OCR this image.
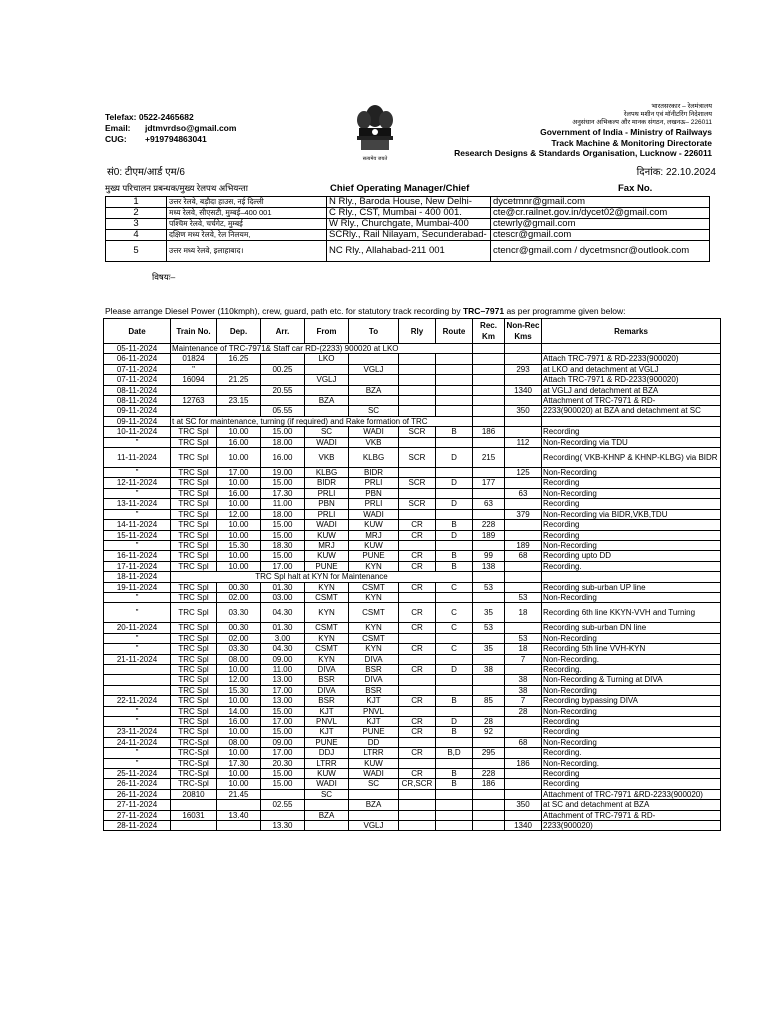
Telefax: 0522-2465682
Email: jdtmvrdso@gmail.com
CUG: +919794863041
सत्यमेव जयते
भारतसरकार – रेलमंत्रालय
रेलपथ मशीन एवं मॉनीटरिंग निदेशालय
अनुसंधान अभिकल्प और मानक संगठन, लखनऊ– 226011
Government of India - Ministry of Railways
Track Machine & Monitoring Directorate
Research Designs & Standards Organisation, Lucknow - 226011
सं0: टीएम/आर्ड एम/6	दिनांक: 22.10.2024
मुख्य परिचालन प्रबन्धक/मुख्य रेलपथ अभियन्ता	Chief Operating Manager/Chief	Fax No.
1	उत्तर रेलवे, बड़ौदा हाउस, नई दिल्ली	N Rly., Baroda House, New Delhi-	dycetmnr@gmail.com
2	मध्य रेलवे, सीएसटी, मुम्बई–400 001	C Rly., CST, Mumbai - 400 001.	cte@cr.railnet.gov.in/dycet02@gmail.com
3	पश्चिम रेलवे, चर्चगेट, मुम्बई	W Rly., Churchgate, Mumbai-400	ctewrly@gmail.com
4	दक्षिण मध्य रेलवे, रेल निलयम,	SCRly., Rail Nilayam, Secunderabad-	ctescr@gmail.com
5	उत्तर मध्य रेलवे, इलाहाबाद।	NC Rly., Allahabad-211 001	ctencr@gmail.com / dycetmsncr@outlook.com
विषयः–
Please arrange Diesel Power (110kmph), crew, guard, path etc. for statutory track recording by TRC–7971 as per programme given below:
Date	Train No.	Dep.	Arr.	From	To	Rly	Route	Rec. Km	Non-Rec Kms	Remarks
05-11-2024	Maintenance of TRC-7971& Staff car RD-(2233) 900020 at LKO									
06-11-2024	01824	16.25		LKO						Attach TRC-7971 & RD-2233(900020)
07-11-2024	"		00.25		VGLJ				293	at LKO and detachment at VGLJ
07-11-2024	16094	21.25		VGLJ						Attach TRC-7971 & RD-2233(900020)
08-11-2024			20.55		BZA				1340	at VGLJ and detachment at BZA
08-11-2024	12763	23.15		BZA						Attachment of TRC-7971 & RD-
09-11-2024			05.55		SC				350	2233(900020) at BZA and detachment at SC
09-11-2024	t at SC for maintenance, turning (if required) and Rake formation of TRC									
10-11-2024	TRC Spl	10.00	15.00	SC	WADI	SCR	B	186		Recording
"	TRC Spl	16.00	18.00	WADI	VKB				112	Non-Recording via TDU
11-11-2024	TRC Spl	10.00	16.00	VKB	KLBG	SCR	D	215		Recording( VKB-KHNP & KHNP-KLBG) via BIDR
"	TRC Spl	17.00	19.00	KLBG	BIDR				125	Non-Recording
12-11-2024	TRC Spl	10.00	15.00	BIDR	PRLI	SCR	D	177		Recording
"	TRC Spl	16.00	17.30	PRLI	PBN				63	Non-Recording
13-11-2024	TRC Spl	10.00	11.00	PBN	PRLI	SCR	D	63		Recording
"	TRC Spl	12.00	18.00	PRLI	WADI				379	Non-Recording via BIDR,VKB,TDU
14-11-2024	TRC Spl	10.00	15.00	WADI	KUW	CR	B	228		Recording
15-11-2024	TRC Spl	10.00	15.00	KUW	MRJ	CR	D	189		Recording
"	TRC Spl	15.30	18.30	MRJ	KUW				189	Non-Recording
16-11-2024	TRC Spl	10.00	15.00	KUW	PUNE	CR	B	99	68	Recording upto DD
17-11-2024	TRC Spl	10.00	17.00	PUNE	KYN	CR	B	138		Recording.
18-11-2024	TRC Spl halt at KYN for Maintenance									
19-11-2024	TRC Spl	00.30	01.30	KYN	CSMT	CR	C	53		Recording sub-urban UP line
"	TRC Spl	02.00	03.00	CSMT	KYN				53	Non-Recording
"	TRC Spl	03.30	04.30	KYN	CSMT	CR	C	35	18	Recording 6th line KKYN-VVH and Turning
20-11-2024	TRC Spl	00.30	01.30	CSMT	KYN	CR	C	53		Recording sub-urban DN line
"	TRC Spl	02.00	3.00	KYN	CSMT				53	Non-Recording
"	TRC Spl	03.30	04.30	CSMT	KYN	CR	C	35	18	Recording 5th line VVH-KYN
21-11-2024	TRC Spl	08.00	09.00	KYN	DIVA				7	Non-Recording.
	TRC Spl	10.00	11.00	DIVA	BSR	CR	D	38		Recording.
	TRC Spl	12.00	13.00	BSR	DIVA				38	Non-Recording & Turning at DIVA
	TRC Spl	15.30	17.00	DIVA	BSR				38	Non-Recording
22-11-2024	TRC Spl	10.00	13.00	BSR	KJT	CR	B	85	7	Recording bypassing DIVA
"	TRC Spl	14.00	15.00	KJT	PNVL				28	Non-Recording
"	TRC Spl	16.00	17.00	PNVL	KJT	CR	D	28		Recording
23-11-2024	TRC Spl	10.00	15.00	KJT	PUNE	CR	B	92		Recording
24-11-2024	TRC-Spl	08.00	09.00	PUNE	DD				68	Non-Recording
"	TRC-Spl	10.00	17.00	DDJ	LTRR	CR	B,D	295		Recording.
"	TRC-Spl	17.30	20.30	LTRR	KUW				186	Non-Recording.
25-11-2024	TRC-Spl	10.00	15.00	KUW	WADI	CR	B	228		Recording
26-11-2024	TRC-Spl	10.00	15.00	WADI	SC	CR,SCR	B	186		Recording
26-11-2024	20810	21.45		SC						Attachment of TRC-7971 &RD-2233(900020)
27-11-2024			02.55		BZA				350	at SC and detachment at BZA
27-11-2024	16031	13.40		BZA						Attachment of TRC-7971 & RD-
28-11-2024			13.30		VGLJ				1340	2233(900020)
